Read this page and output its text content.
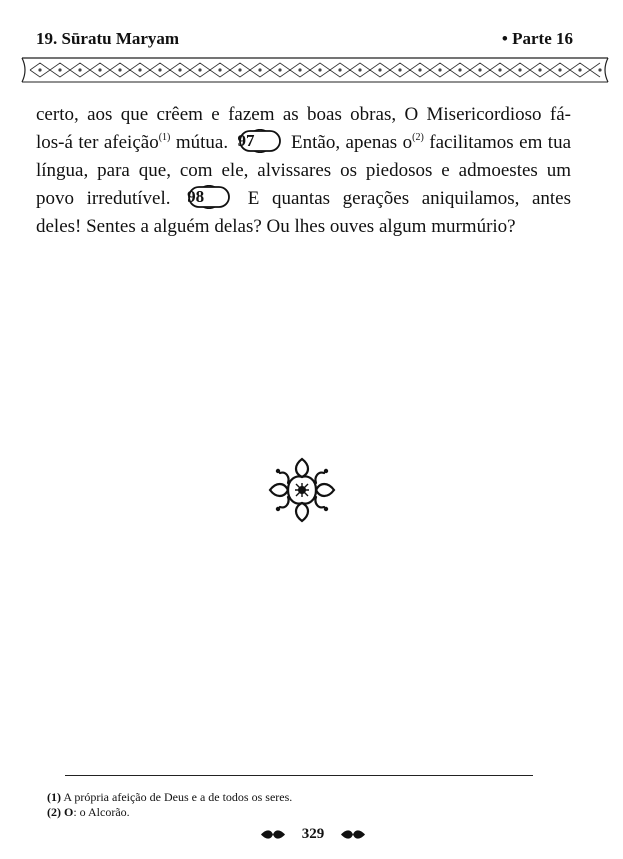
19. Sūratu Maryam	• Parte 16
certo, aos que crêem e fazem as boas obras, O Misericordioso fá-
los-á ter afeição$^{(1)}$ mútua. 97	Então, apenas $o^{(2)}$ facilitamos em tua
língua, para que, com ele, alvissares os piedosos e admoestes um
povo irredutível. 98	E quantas gerações aniquilamos, antes
deles! Sentes a alguém delas? Ou lhes ouves algum murmúrio?
(1) A própria afeição de Deus e a de todos os seres.
(2) O: o Alcorão.
329
